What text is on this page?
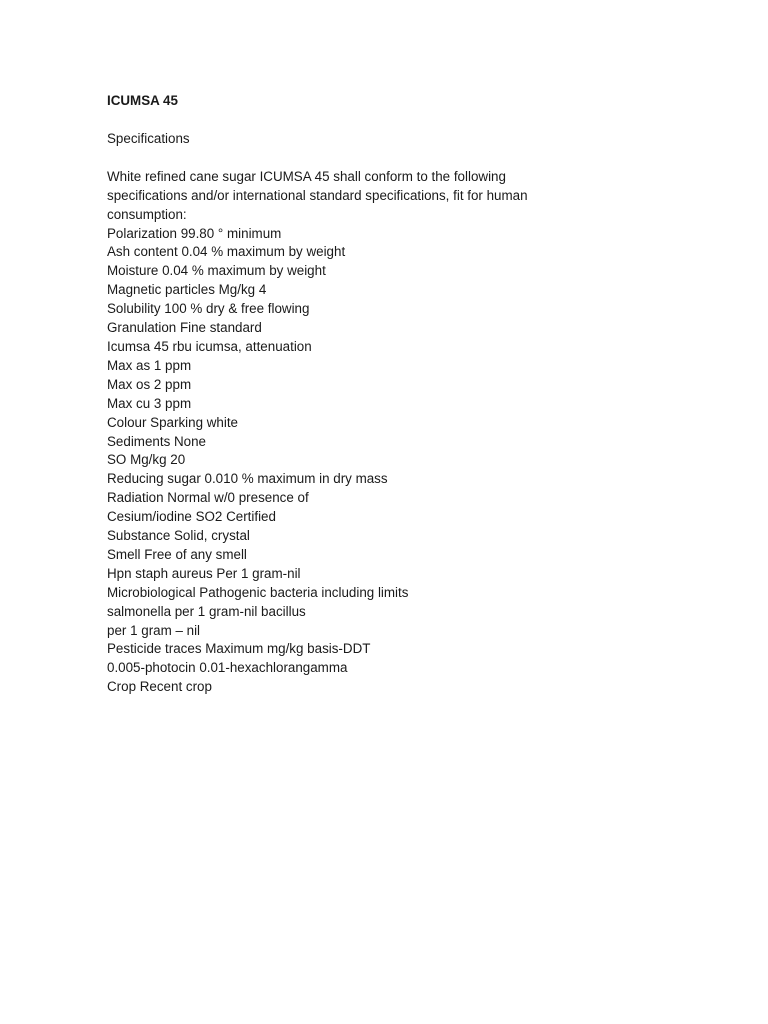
ICUMSA 45

Specifications

White refined cane sugar ICUMSA 45 shall conform to the following specifications and/or international standard specifications, fit for human consumption:

Polarization 99.80 ° minimum
Ash content 0.04 % maximum by weight
Moisture 0.04 % maximum by weight
Magnetic particles Mg/kg 4
Solubility 100 % dry & free flowing
Granulation Fine standard
Icumsa 45 rbu icumsa, attenuation
Max as 1 ppm
Max os 2 ppm
Max cu 3 ppm
Colour Sparking white
Sediments None
SO Mg/kg 20
Reducing sugar 0.010 % maximum in dry mass
Radiation Normal w/0 presence of
Cesium/iodine SO2 Certified
Substance Solid, crystal
Smell Free of any smell
Hpn staph aureus Per 1 gram-nil
Microbiological Pathogenic bacteria including limits
salmonella per 1 gram-nil bacillus
per 1 gram – nil
Pesticide traces Maximum mg/kg basis-DDT
0.005-photocin 0.01-hexachlorangamma
Crop Recent crop
